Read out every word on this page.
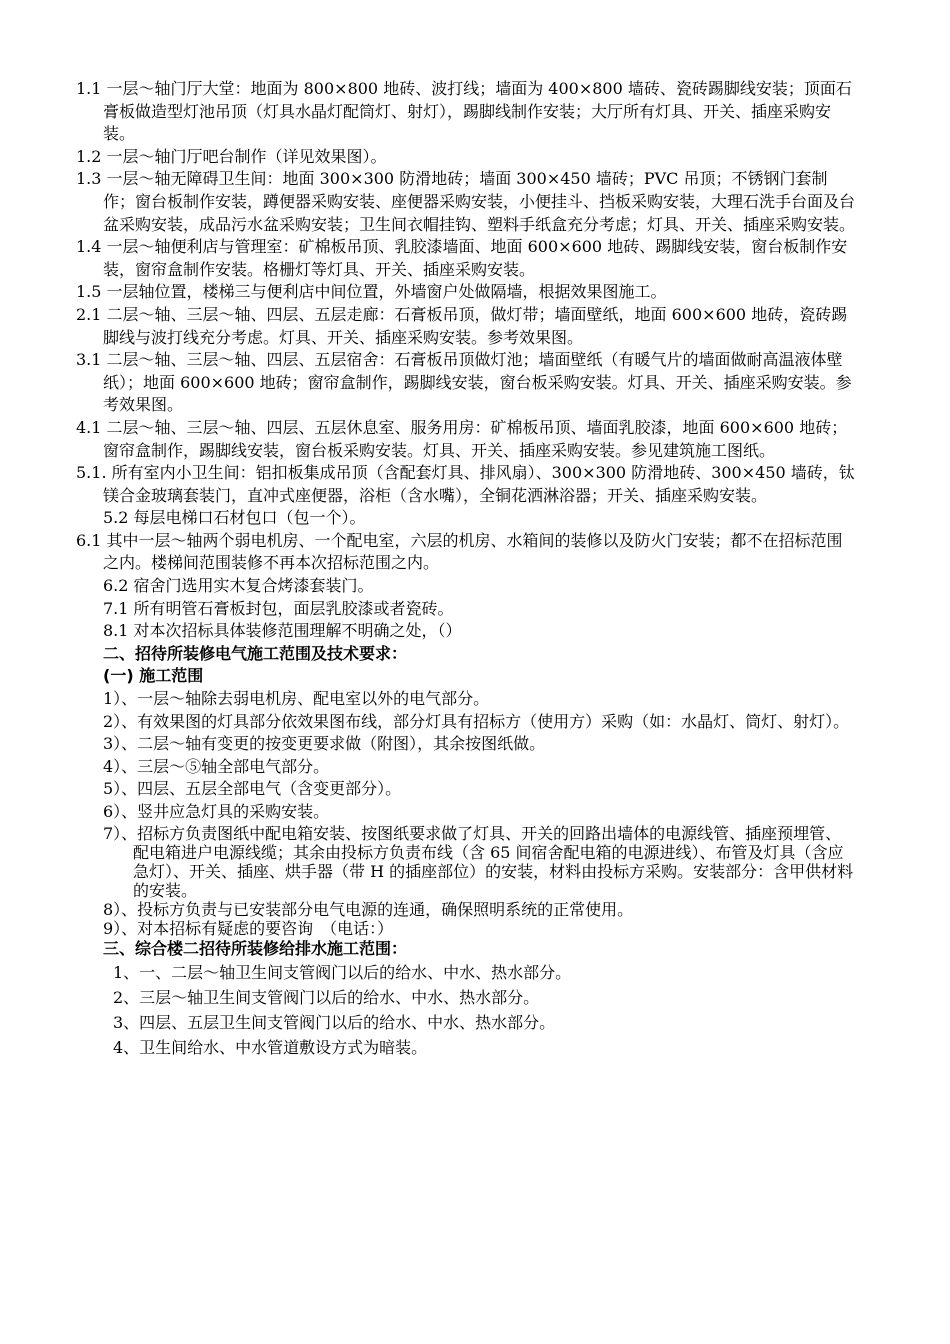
1.1 一层～轴门厅大堂：地面为 800×800 地砖、波打线；墙面为 400×800 墙砖、瓷砖踢脚线安装；顶面石膏板做造型灯池吊顶（灯具水晶灯配筒灯、射灯），踢脚线制作安装；大厅所有灯具、开关、插座采购安装。

1.2 一层～轴门厅吧台制作（详见效果图）。

1.3 一层～轴无障碍卫生间：地面 300×300 防滑地砖；墙面 300×450 墙砖；PVC 吊顶；不锈钢门套制作；窗台板制作安装，蹲便器采购安装、座便器采购安装，小便挂斗、挡板采购安装，大理石洗手台面及台盆采购安装，成品污水盆采购安装；卫生间衣帽挂钩、塑料手纸盒充分考虑；灯具、开关、插座采购安装。

1.4 一层～轴便利店与管理室：矿棉板吊顶、乳胶漆墙面、地面 600×600 地砖、踢脚线安装，窗台板制作安装，窗帘盒制作安装。格栅灯等灯具、开关、插座采购安装。

1.5 一层轴位置，楼梯三与便利店中间位置，外墙窗户处做隔墙，根据效果图施工。

2.1 二层～轴、三层～轴、四层、五层走廊：石膏板吊顶，做灯带；墙面壁纸，地面 600×600 地砖，瓷砖踢脚线与波打线充分考虑。灯具、开关、插座采购安装。参考效果图。

3.1 二层～轴、三层～轴、四层、五层宿舍：石膏板吊顶做灯池；墙面壁纸（有暖气片的墙面做耐高温液体壁纸）；地面 600×600 地砖；窗帘盒制作，踢脚线安装，窗台板采购安装。灯具、开关、插座采购安装。参考效果图。

4.1 二层～轴、三层～轴、四层、五层休息室、服务用房：矿棉板吊顶、墙面乳胶漆，地面 600×600 地砖；窗帘盒制作，踢脚线安装，窗台板采购安装。灯具、开关、插座采购安装。参见建筑施工图纸。

5.1. 所有室内小卫生间：铝扣板集成吊顶（含配套灯具、排风扇）、300×300 防滑地砖、300×450 墙砖，钛镁合金玻璃套装门，直冲式座便器，浴柜（含水嘴），全铜花洒淋浴器；开关、插座采购安装。

5.2 每层电梯口石材包口（包一个）。

6.1 其中一层～轴两个弱电机房、一个配电室，六层的机房、水箱间的装修以及防火门安装；都不在招标范围之内。楼梯间范围装修不再本次招标范围之内。

6.2 宿舍门选用实木复合烤漆套装门。

7.1 所有明管石膏板封包，面层乳胶漆或者瓷砖。

8.1 对本次招标具体装修范围理解不明确之处，（）

二、招待所装修电气施工范围及技术要求：

(一) 施工范围

1）、一层～轴除去弱电机房、配电室以外的电气部分。

2）、有效果图的灯具部分依效果图布线，部分灯具有招标方（使用方）采购（如：水晶灯、筒灯、射灯）。

3）、二层～轴有变更的按变更要求做（附图），其余按图纸做。

4）、三层～⑤轴全部电气部分。

5）、四层、五层全部电气（含变更部分）。

6）、竖井应急灯具的采购安装。

7）、招标方负责图纸中配电箱安装、按图纸要求做了灯具、开关的回路出墙体的电源线管、插座预埋管、配电箱进户电源线缆；其余由投标方负责布线（含 65 间宿舍配电箱的电源进线）、布管及灯具（含应急灯）、开关、插座、烘手器（带 H 的插座部位）的安装，材料由投标方采购。安装部分：含甲供材料的安装。

8）、投标方负责与已安装部分电气电源的连通，确保照明系统的正常使用。

9）、对本招标有疑虑的要咨询　（电话：）

三、综合楼二招待所装修给排水施工范围：

1、一、二层～轴卫生间支管阀门以后的给水、中水、热水部分。

2、三层～轴卫生间支管阀门以后的给水、中水、热水部分。

3、四层、五层卫生间支管阀门以后的给水、中水、热水部分。

4、卫生间给水、中水管道敷设方式为暗装。
